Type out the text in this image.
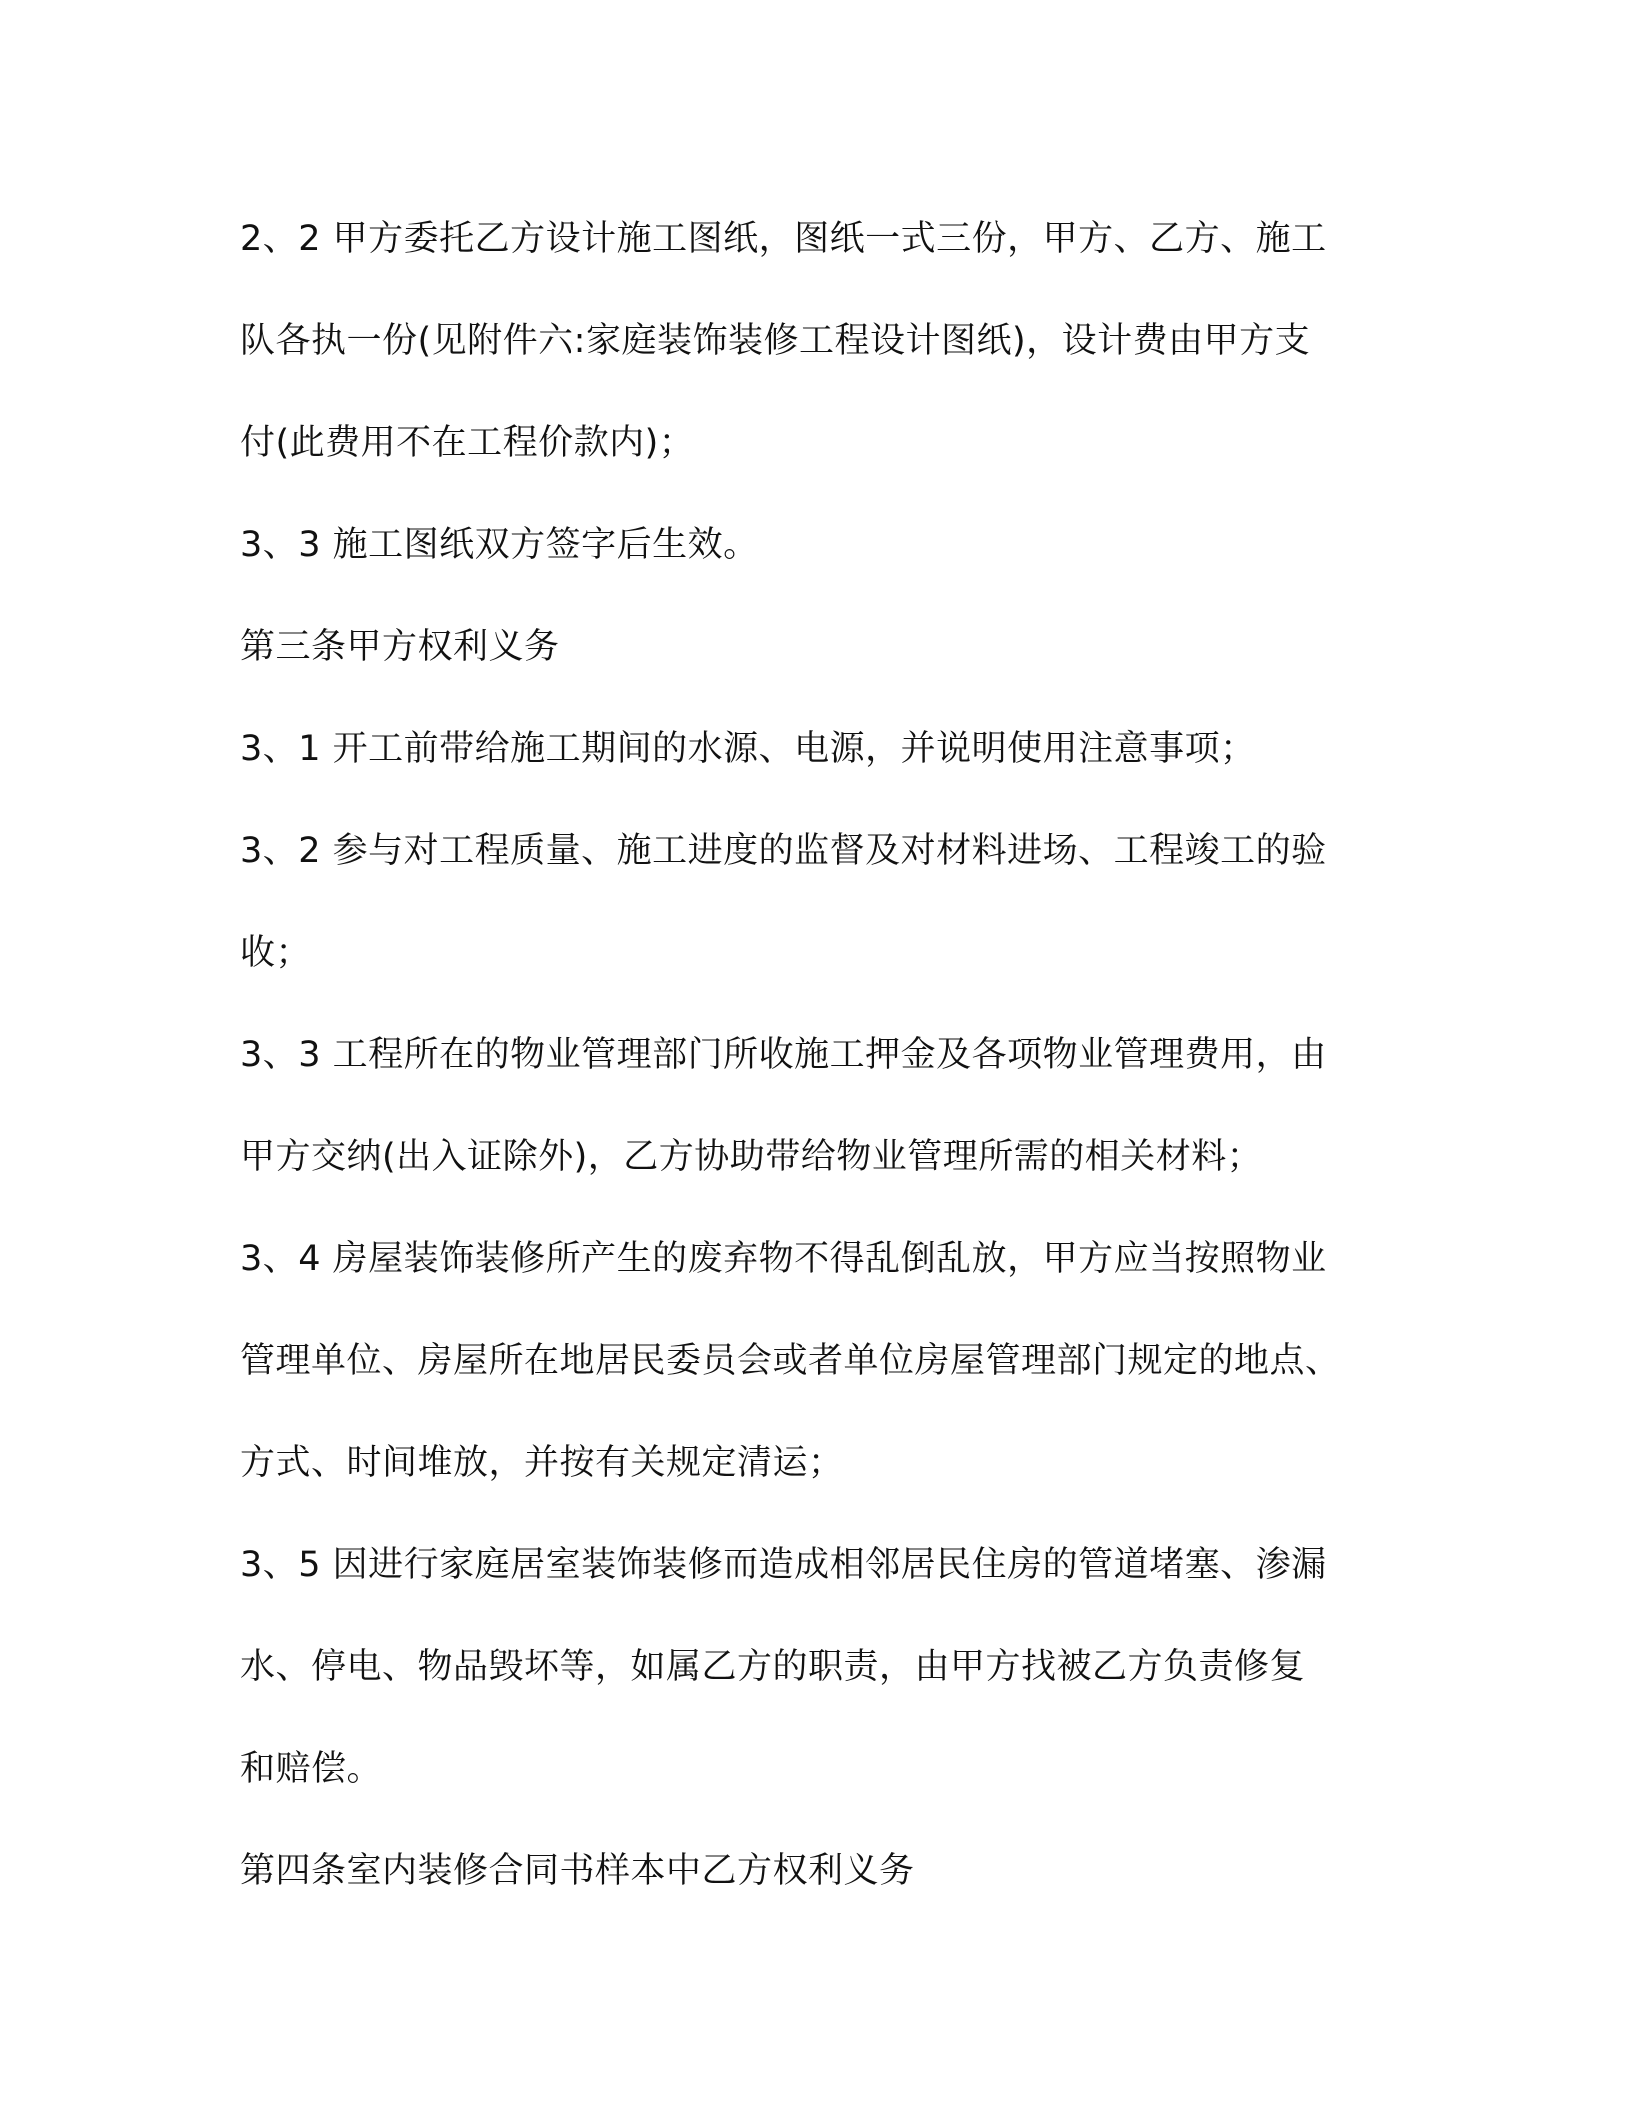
2、2 甲方委托乙方设计施工图纸，图纸一式三份，甲方、乙方、施工

队各执一份(见附件六:家庭装饰装修工程设计图纸)，设计费由甲方支

付(此费用不在工程价款内)；

3、3 施工图纸双方签字后生效。

第三条甲方权利义务

3、1 开工前带给施工期间的水源、电源，并说明使用注意事项；

3、2 参与对工程质量、施工进度的监督及对材料进场、工程竣工的验

收；

3、3 工程所在的物业管理部门所收施工押金及各项物业管理费用，由

甲方交纳(出入证除外)，乙方协助带给物业管理所需的相关材料；

3、4 房屋装饰装修所产生的废弃物不得乱倒乱放，甲方应当按照物业

管理单位、房屋所在地居民委员会或者单位房屋管理部门规定的地点、

方式、时间堆放，并按有关规定清运；

3、5 因进行家庭居室装饰装修而造成相邻居民住房的管道堵塞、渗漏

水、停电、物品毁坏等，如属乙方的职责，由甲方找被乙方负责修复

和赔偿。

第四条室内装修合同书样本中乙方权利义务
